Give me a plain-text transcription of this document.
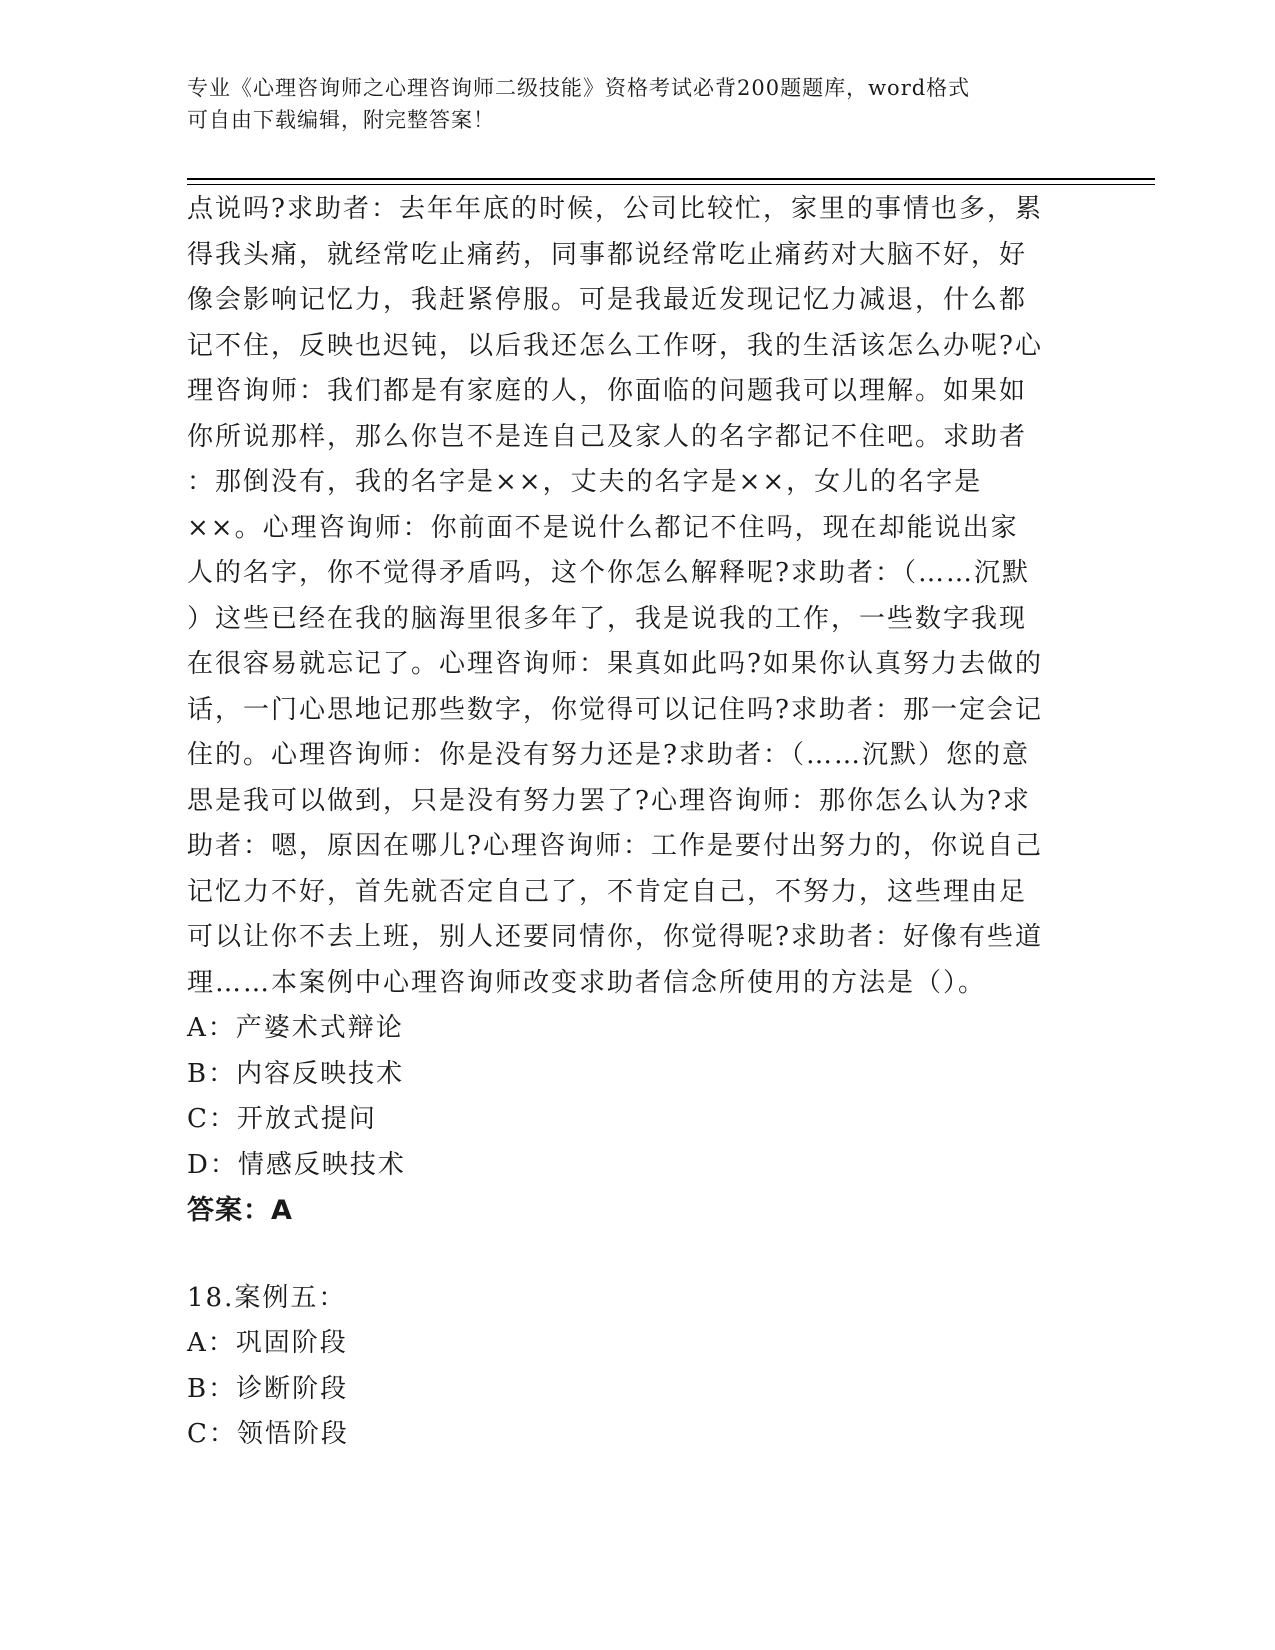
专业《心理咨询师之心理咨询师二级技能》资格考试必背200题题库，word格式
可自由下载编辑，附完整答案！

点说吗?求助者：去年年底的时候，公司比较忙，家里的事情也多，累
得我头痛，就经常吃止痛药，同事都说经常吃止痛药对大脑不好，好
像会影响记忆力，我赶紧停服。可是我最近发现记忆力减退，什么都
记不住，反映也迟钝，以后我还怎么工作呀，我的生活该怎么办呢?心
理咨询师：我们都是有家庭的人，你面临的问题我可以理解。如果如
你所说那样，那么你岂不是连自己及家人的名字都记不住吧。求助者
：那倒没有，我的名字是××，丈夫的名字是××，女儿的名字是
××。心理咨询师：你前面不是说什么都记不住吗，现在却能说出家
人的名字，你不觉得矛盾吗，这个你怎么解释呢?求助者：（……沉默
）这些已经在我的脑海里很多年了，我是说我的工作，一些数字我现
在很容易就忘记了。心理咨询师：果真如此吗?如果你认真努力去做的
话，一门心思地记那些数字，你觉得可以记住吗?求助者：那一定会记
住的。心理咨询师：你是没有努力还是?求助者：（……沉默）您的意
思是我可以做到，只是没有努力罢了?心理咨询师：那你怎么认为?求
助者：嗯，原因在哪儿?心理咨询师：工作是要付出努力的，你说自己
记忆力不好，首先就否定自己了，不肯定自己，不努力，这些理由足
可以让你不去上班，别人还要同情你，你觉得呢?求助者：好像有些道
理……本案例中心理咨询师改变求助者信念所使用的方法是（）。

A：产婆术式辩论

B：内容反映技术

C：开放式提问

D：情感反映技术

答案：A

18.案例五：

A：巩固阶段

B：诊断阶段

C：领悟阶段
